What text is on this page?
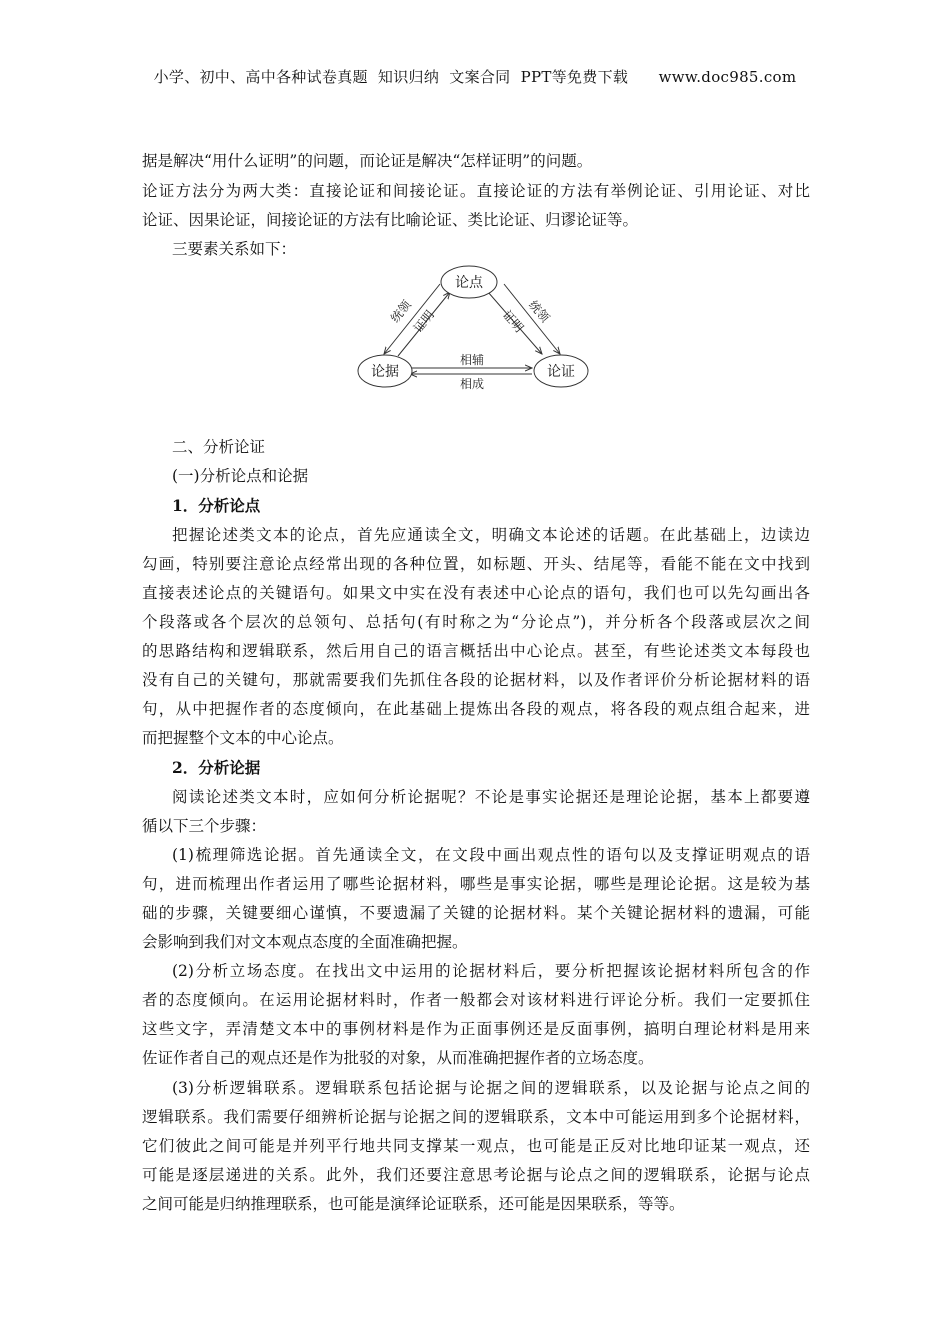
小学、初中、高中各种试卷真题  知识归纳  文案合同  PPT等免费下载      www.doc985.com
据是解决“用什么证明”的问题，而论证是解决“怎样证明”的问题。
论证方法分为两大类：直接论证和间接论证。直接论证的方法有举例论证、引用论证、对比
论证、因果论证，间接论证的方法有比喻论证、类比论证、归谬论证等。
三要素关系如下：
论点
论据	论证
统领
证明	证明 统领
相辅
相成
二、分析论证
(一)分析论点和论据
1．分析论点
把握论述类文本的论点，首先应通读全文，明确文本论述的话题。在此基础上，边读边
勾画，特别要注意论点经常出现的各种位置，如标题、开头、结尾等，看能不能在文中找到
直接表述论点的关键语句。如果文中实在没有表述中心论点的语句，我们也可以先勾画出各
个段落或各个层次的总领句、总括句(有时称之为“分论点”)，并分析各个段落或层次之间
的思路结构和逻辑联系，然后用自己的语言概括出中心论点。甚至，有些论述类文本每段也
没有自己的关键句，那就需要我们先抓住各段的论据材料，以及作者评价分析论据材料的语
句，从中把握作者的态度倾向，在此基础上提炼出各段的观点，将各段的观点组合起来，进
而把握整个文本的中心论点。
2．分析论据
阅读论述类文本时，应如何分析论据呢？不论是事实论据还是理论论据，基本上都要遵
循以下三个步骤：
(1)梳理筛选论据。首先通读全文，在文段中画出观点性的语句以及支撑证明观点的语
句，进而梳理出作者运用了哪些论据材料，哪些是事实论据，哪些是理论论据。这是较为基
础的步骤，关键要细心谨慎，不要遗漏了关键的论据材料。某个关键论据材料的遗漏，可能
会影响到我们对文本观点态度的全面准确把握。
(2)分析立场态度。在找出文中运用的论据材料后，要分析把握该论据材料所包含的作
者的态度倾向。在运用论据材料时，作者一般都会对该材料进行评论分析。我们一定要抓住
这些文字，弄清楚文本中的事例材料是作为正面事例还是反面事例，搞明白理论材料是用来
佐证作者自己的观点还是作为批驳的对象，从而准确把握作者的立场态度。
(3)分析逻辑联系。逻辑联系包括论据与论据之间的逻辑联系，以及论据与论点之间的
逻辑联系。我们需要仔细辨析论据与论据之间的逻辑联系，文本中可能运用到多个论据材料，
它们彼此之间可能是并列平行地共同支撑某一观点，也可能是正反对比地印证某一观点，还
可能是逐层递进的关系。此外，我们还要注意思考论据与论点之间的逻辑联系，论据与论点
之间可能是归纳推理联系，也可能是演绎论证联系，还可能是因果联系，等等。
